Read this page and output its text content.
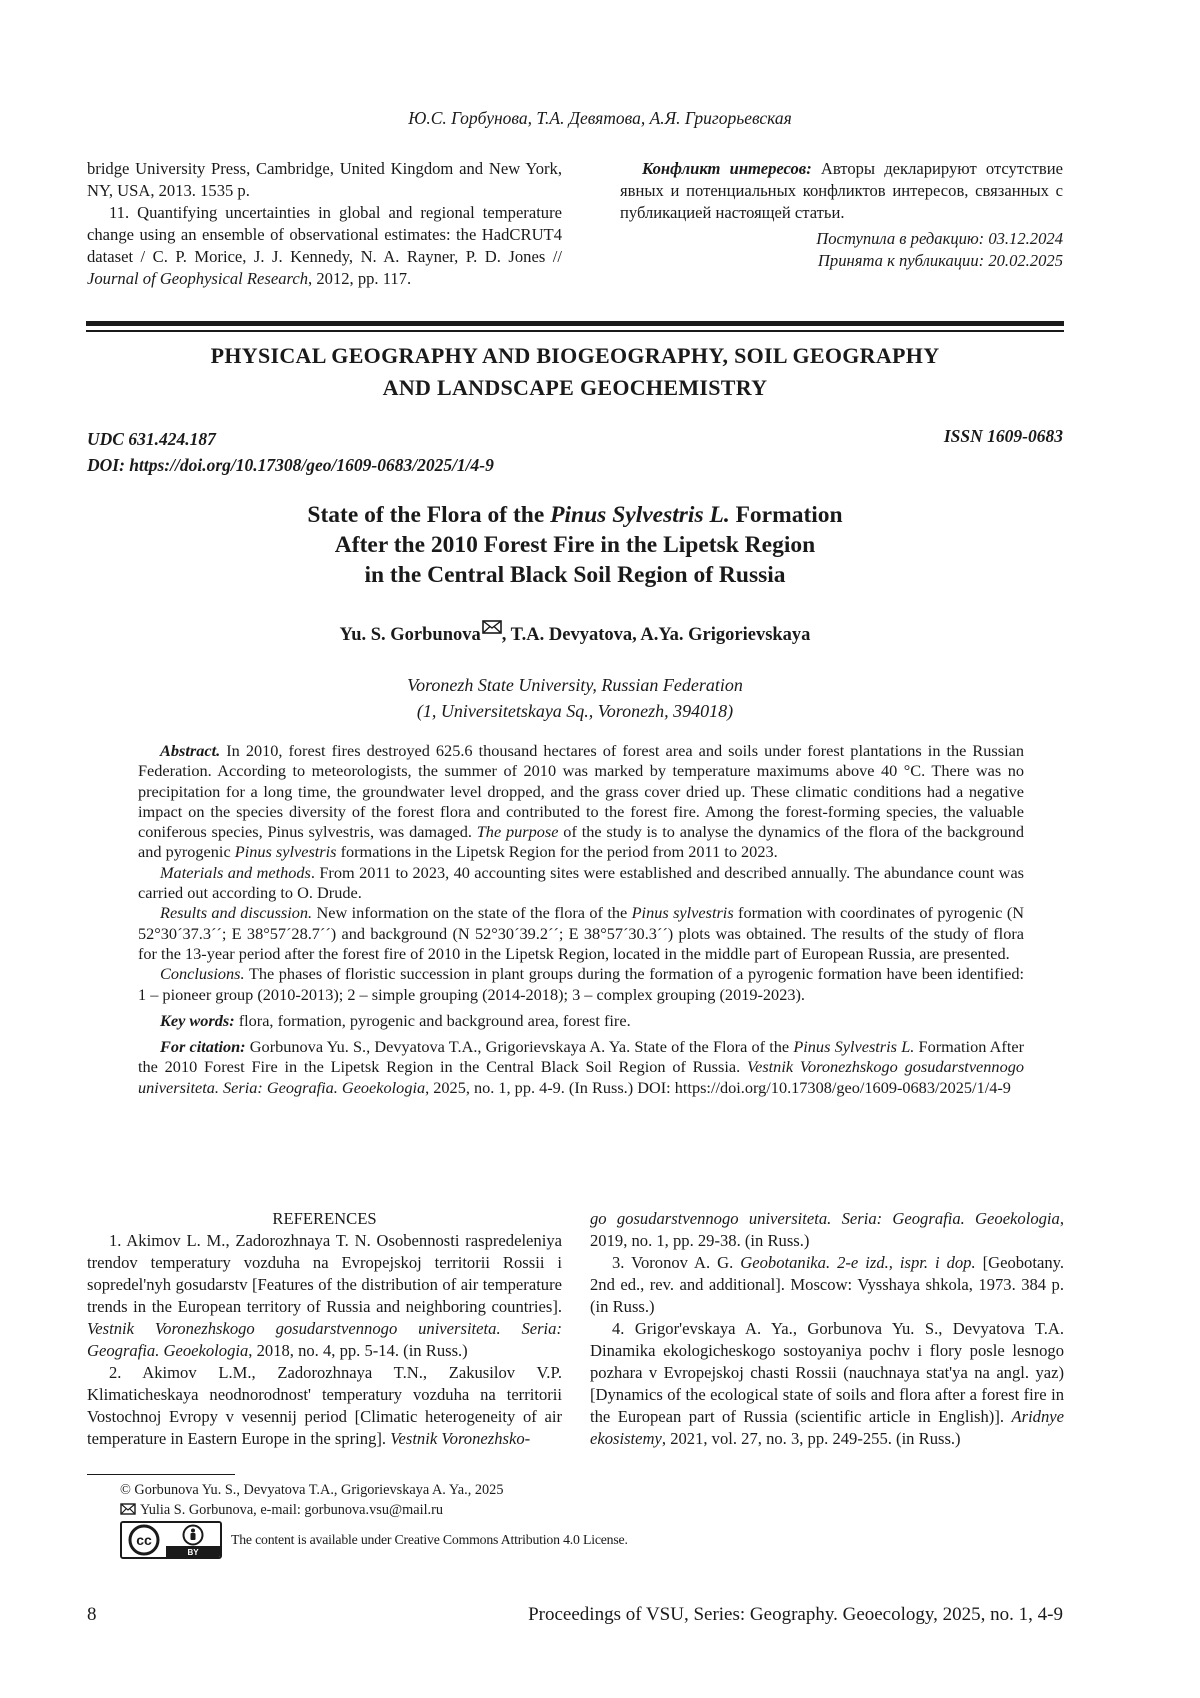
Ю.С. Горбунова, Т.А. Девятова, А.Я. Григорьевская

bridge University Press, Cambridge, United Kingdom and New York, NY, USA, 2013. 1535 p.

11. Quantifying uncertainties in global and regional temperature change using an ensemble of observational estimates: the HadCRUT4 dataset / C. P. Morice, J. J. Kennedy, N. A. Rayner, P. D. Jones // Journal of Geophysical Research, 2012, pp. 117.

Конфликт интересов: Авторы декларируют отсутствие явных и потенциальных конфликтов интересов, связанных с публикацией настоящей статьи.

Поступила в редакцию: 03.12.2024

Принята к публикации: 20.02.2025

PHYSICAL GEOGRAPHY AND BIOGEOGRAPHY, SOIL GEOGRAPHY
AND LANDSCAPE GEOCHEMISTRY
UDC 631.424.187
DOI: https://doi.org/10.17308/geo/1609-0683/2025/1/4-9
ISSN 1609-0683
State of the Flora of the Pinus Sylvestris L. Formation
After the 2010 Forest Fire in the Lipetsk Region
in the Central Black Soil Region of Russia
Yu. S. Gorbunova , T.A. Devyatova, A.Ya. Grigorievskaya
Voronezh State University, Russian Federation
(1, Universitetskaya Sq., Voronezh, 394018)

Abstract. In 2010, forest fires destroyed 625.6 thousand hectares of forest area and soils under forest plantations in the Russian Federation. According to meteorologists, the summer of 2010 was marked by temperature maximums above 40 °C. There was no precipitation for a long time, the groundwater level dropped, and the grass cover dried up. These climatic conditions had a negative impact on the species diversity of the forest flora and contributed to the forest fire. Among the forest-forming species, the valuable coniferous species, Pinus sylvestris, was damaged. The purpose of the study is to analyse the dynamics of the flora of the background and pyrogenic Pinus sylvestris formations in the Lipetsk Region for the period from 2011 to 2023.

Materials and methods. From 2011 to 2023, 40 accounting sites were established and described annually. The abundance count was carried out according to O. Drude.

Results and discussion. New information on the state of the flora of the Pinus sylvestris formation with coordinates of pyrogenic (N 52°30´37.3´´; E 38°57´28.7´´) and background (N 52°30´39.2´´; E 38°57´30.3´´) plots was obtained. The results of the study of flora for the 13-year period after the forest fire of 2010 in the Lipetsk Region, located in the middle part of European Russia, are presented.

Conclusions. The phases of floristic succession in plant groups during the formation of a pyrogenic formation have been identified: 1 – pioneer group (2010-2013); 2 – simple grouping (2014-2018); 3 – complex grouping (2019-2023).

Key words: flora, formation, pyrogenic and background area, forest fire.

For citation: Gorbunova Yu. S., Devyatova T.A., Grigorievskaya A. Ya. State of the Flora of the Pinus Sylvestris L. Formation After the 2010 Forest Fire in the Lipetsk Region in the Central Black Soil Region of Russia. Vestnik Voronezhskogo gosudarstvennogo universiteta. Seria: Geografia. Geoekologia, 2025, no. 1, pp. 4-9. (In Russ.) DOI: https://doi.org/10.17308/geo/1609-0683/2025/1/4-9

REFERENCES

1. Akimov L. M., Zadorozhnaya T. N. Osobennosti raspredeleniya trendov temperatury vozduha na Evropejskoj territorii Rossii i sopredel'nyh gosudarstv [Features of the distribution of air temperature trends in the European territory of Russia and neighboring countries]. Vestnik Voronezhskogo gosudarstvennogo universiteta. Seria: Geografia. Geoekologia, 2018, no. 4, pp. 5-14. (in Russ.)

2. Akimov L.M., Zadorozhnaya T.N., Zakusilov V.P. Klimaticheskaya neodnorodnost' temperatury vozduha na territorii Vostochnoj Evropy v vesennij period [Climatic heterogeneity of air temperature in Eastern Europe in the spring]. Vestnik Voronezhsko-

go gosudarstvennogo universiteta. Seria: Geografia. Geoekologia, 2019, no. 1, pp. 29-38. (in Russ.)

3. Voronov A. G. Geobotanika. 2-e izd., ispr. i dop. [Geobotany. 2nd ed., rev. and additional]. Moscow: Vysshaya shkola, 1973. 384 p. (in Russ.)

4. Grigor'evskaya A. Ya., Gorbunova Yu. S., Devyatova T.A. Dinamika ekologicheskogo sostoyaniya pochv i flory posle lesnogo pozhara v Evropejskoj chasti Rossii (nauchnaya stat'ya na angl. yaz) [Dynamics of the ecological state of soils and flora after a forest fire in the European part of Russia (scientific article in English)]. Aridnye ekosistemy, 2021, vol. 27, no. 3, pp. 249-255. (in Russ.)

© Gorbunova Yu. S., Devyatova T.A., Grigorievskaya A. Ya., 2025

Yulia S. Gorbunova, e-mail: gorbunova.vsu@mail.ru

cc
BY
The content is available under Creative Commons Attribution 4.0 License.
8	Proceedings of VSU, Series: Geography. Geoecology, 2025, no. 1, 4-9
